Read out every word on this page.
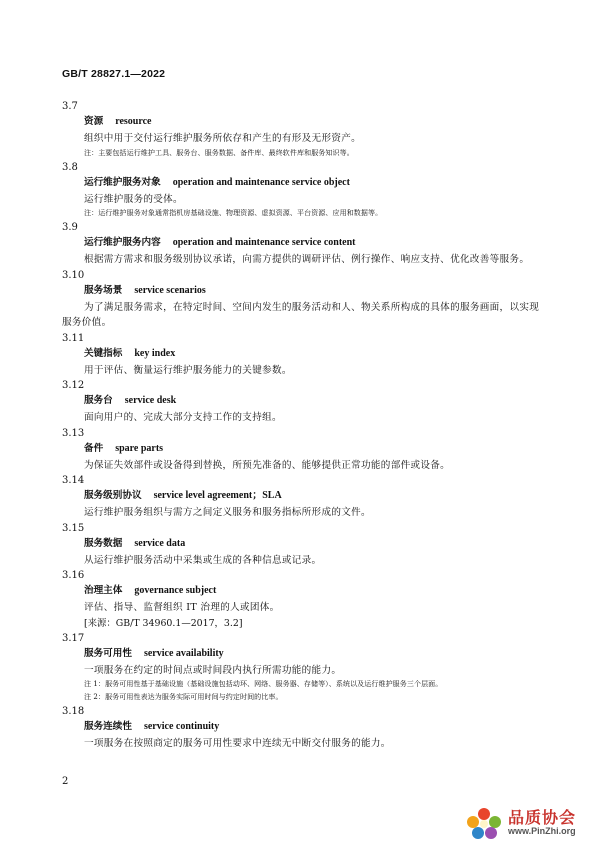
GB/T 28827.1—2022
3.7
资源 resource
组织中用于交付运行维护服务所依存和产生的有形及无形资产。
注：主要包括运行维护工具、服务台、服务数据、备件库、最终软件库和服务知识等。
3.8
运行维护服务对象 operation and maintenance service object
运行维护服务的受体。
注：运行维护服务对象通常指机房基础设施、物理资源、虚拟资源、平台资源、应用和数据等。
3.9
运行维护服务内容 operation and maintenance service content
根据需方需求和服务级别协议承诺，向需方提供的调研评估、例行操作、响应支持、优化改善等服务。
3.10
服务场景 service scenarios
为了满足服务需求，在特定时间、空间内发生的服务活动和人、物关系所构成的具体的服务画面，以实现服务价值。
3.11
关键指标 key index
用于评估、衡量运行维护服务能力的关键参数。
3.12
服务台 service desk
面向用户的、完成大部分支持工作的支持组。
3.13
备件 spare parts
为保证失效部件或设备得到替换，所预先准备的、能够提供正常功能的部件或设备。
3.14
服务级别协议 service level agreement；SLA
运行维护服务组织与需方之间定义服务和服务指标所形成的文件。
3.15
服务数据 service data
从运行维护服务活动中采集或生成的各种信息或记录。
3.16
治理主体 governance subject
评估、指导、监督组织 IT 治理的人或团体。
[来源：GB/T 34960.1—2017，3.2]
3.17
服务可用性 service availability
一项服务在约定的时间点或时间段内执行所需功能的能力。
注 1：服务可用性基于基础设施（基础设施包括动环、网络、服务器、存储等）、系统以及运行维护服务三个层面。
注 2：服务可用性表达为服务实际可用时间与约定时间的比率。
3.18
服务连续性 service continuity
一项服务在按照商定的服务可用性要求中连续无中断交付服务的能力。
2
品质协会
www.PinZhi.org
